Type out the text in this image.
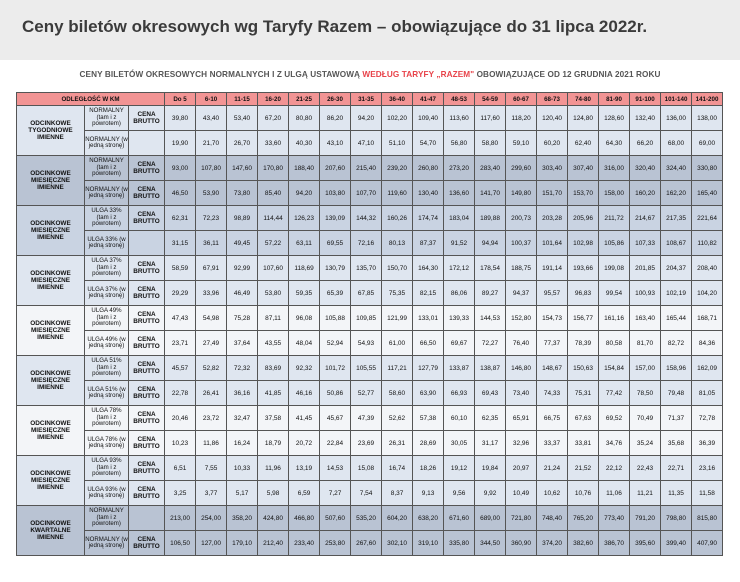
Ceny biletów okresowych wg Taryfy Razem – obowiązujące do 31 lipca 2022r.
CENY BILETÓW OKRESOWYCH NORMALNYCH I Z ULGĄ USTAWOWĄ WEDŁUG TARYFY „RAZEM" OBOWIĄZUJĄCE OD 12 GRUDNIA 2021 ROKU
ODLEGŁOŚĆ W KM			Do 5	6-10	11-15	16-20	21-25	26-30	31-35	36-40	41-47	48-53	54-59	60-67	68-73	74-80	81-90	91-100	101-140	141-200
ODCINKOWE TYGODNIOWE IMIENNE	NORMALNY (tam i z powrotem)	CENA BRUTTO	39,80	43,40	53,40	67,20	80,80	86,20	94,20	102,20	109,40	113,60	117,60	118,20	120,40	124,80	128,60	132,40	136,00	138,00
	NORMALNY (w jedną stronę)		19,90	21,70	26,70	33,60	40,30	43,10	47,10	51,10	54,70	56,80	58,80	59,10	60,20	62,40	64,30	66,20	68,00	69,00
ODCINKOWE MIESIĘCZNE IMIENNE	NORMALNY (tam i z powrotem)	CENA BRUTTO	93,00	107,80	147,60	170,80	188,40	207,60	215,40	239,20	260,80	273,20	283,40	299,60	303,40	307,40	316,00	320,40	324,40	330,80
	NORMALNY (w jedną stronę)	CENA BRUTTO	46,50	53,90	73,80	85,40	94,20	103,80	107,70	119,60	130,40	136,60	141,70	149,80	151,70	153,70	158,00	160,20	162,20	165,40
ODCINKOWE MIESIĘCZNE IMIENNE	ULGA 33% (tam i z powrotem)	CENA BRUTTO	62,31	72,23	98,89	114,44	126,23	139,09	144,32	160,26	174,74	183,04	189,88	200,73	203,28	205,96	211,72	214,67	217,35	221,64
	ULGA 33% (w jedną stronę)		31,15	36,11	49,45	57,22	63,11	69,55	72,16	80,13	87,37	91,52	94,94	100,37	101,64	102,98	105,86	107,33	108,67	110,82
ODCINKOWE MIESIĘCZNE IMIENNE	ULGA 37% (tam i z powrotem)	CENA BRUTTO	58,59	67,91	92,99	107,60	118,69	130,79	135,70	150,70	164,30	172,12	178,54	188,75	191,14	193,66	199,08	201,85	204,37	208,40
	ULGA 37% (w jedną stronę)	CENA BRUTTO	29,29	33,96	46,49	53,80	59,35	65,39	67,85	75,35	82,15	86,06	89,27	94,37	95,57	96,83	99,54	100,93	102,19	104,20
ODCINKOWE MIESIĘCZNE IMIENNE	ULGA 49% (tam i z powrotem)	CENA BRUTTO	47,43	54,98	75,28	87,11	96,08	105,88	109,85	121,99	133,01	139,33	144,53	152,80	154,73	156,77	161,16	163,40	165,44	168,71
	ULGA 49% (w jedną stronę)	CENA BRUTTO	23,71	27,49	37,64	43,55	48,04	52,94	54,93	61,00	66,50	69,67	72,27	76,40	77,37	78,39	80,58	81,70	82,72	84,36
ODCINKOWE MIESIĘCZNE IMIENNE	ULGA 51% (tam i z powrotem)	CENA BRUTTO	45,57	52,82	72,32	83,69	92,32	101,72	105,55	117,21	127,79	133,87	138,87	146,80	148,67	150,63	154,84	157,00	158,96	162,09
	ULGA 51% (w jedną stronę)	CENA BRUTTO	22,78	26,41	36,16	41,85	46,16	50,86	52,77	58,60	63,90	66,93	69,43	73,40	74,33	75,31	77,42	78,50	79,48	81,05
ODCINKOWE MIESIĘCZNE IMIENNE	ULGA 78% (tam i z powrotem)	CENA BRUTTO	20,46	23,72	32,47	37,58	41,45	45,67	47,39	52,62	57,38	60,10	62,35	65,91	66,75	67,63	69,52	70,49	71,37	72,78
	ULGA 78% (w jedną stronę)	CENA BRUTTO	10,23	11,86	16,24	18,79	20,72	22,84	23,69	26,31	28,69	30,05	31,17	32,96	33,37	33,81	34,76	35,24	35,68	36,39
ODCINKOWE MIESIĘCZNE IMIENNE	ULGA 93% (tam i z powrotem)	CENA BRUTTO	6,51	7,55	10,33	11,96	13,19	14,53	15,08	16,74	18,26	19,12	19,84	20,97	21,24	21,52	22,12	22,43	22,71	23,16
	ULGA 93% (w jedną stronę)	CENA BRUTTO	3,25	3,77	5,17	5,98	6,59	7,27	7,54	8,37	9,13	9,56	9,92	10,49	10,62	10,76	11,06	11,21	11,35	11,58
ODCINKOWE KWARTALNE IMIENNE	NORMALNY (tam i z powrotem)		213,00	254,00	358,20	424,80	466,80	507,60	535,20	604,20	638,20	671,60	689,00	721,80	748,40	765,20	773,40	791,20	798,80	815,80
	NORMALNY (w jedną stronę)	CENA BRUTTO	106,50	127,00	179,10	212,40	233,40	253,80	267,60	302,10	319,10	335,80	344,50	360,90	374,20	382,60	386,70	395,60	399,40	407,90
